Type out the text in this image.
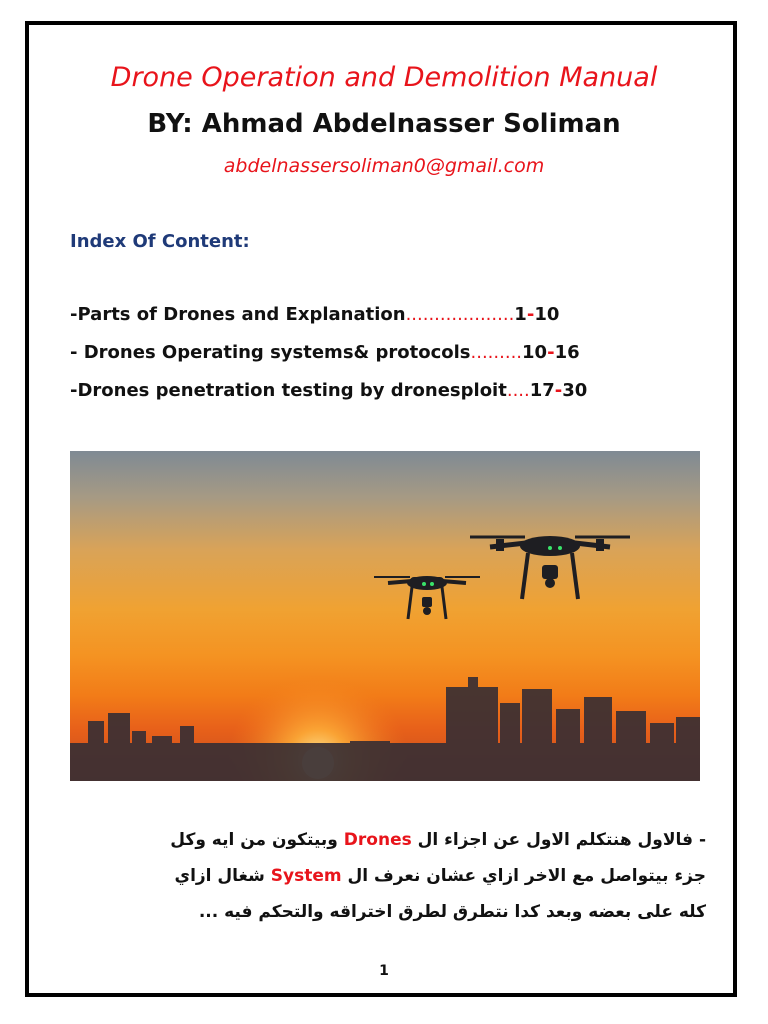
Drone Operation and Demolition Manual
BY: Ahmad Abdelnasser Soliman
abdelnassersoliman0@gmail.com
Index Of Content:
-Parts of Drones and Explanation...................1-10
- Drones Operating systems& protocols.........10-16
-Drones penetration testing by dronesploit....17-30

- فالاول هنتكلم الاول عن اجزاء ال Drones وبيتكون من ايه وكل
جزء بيتواصل مع الاخر ازاي عشان نعرف ال System شغال ازاي
كله على بعضه وبعد كدا نتطرق لطرق اختراقه والتحكم فيه ...

1
